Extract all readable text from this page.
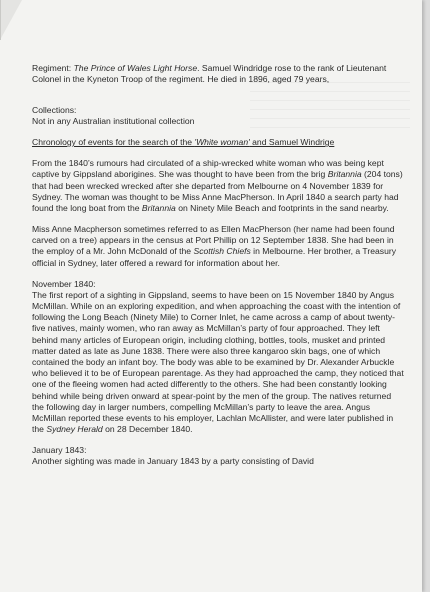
Regiment: The Prince of Wales Light Horse. Samuel Windridge rose to the rank of Lieutenant Colonel in the Kyneton Troop of the regiment. He died in 1896, aged 79 years,

Collections:

Not in any Australian institutional collection

Chronology of events for the search of the 'White woman' and Samuel Windrige

From the 1840’s rumours had circulated of a ship-wrecked white woman who was being kept captive by Gippsland aborigines. She was thought to have been from the brig Britannia (204 tons) that had been wrecked wrecked after she departed from Melbourne on 4 November 1839 for Sydney. The woman was thought to be Miss Anne MacPherson. In April 1840 a search party had found the long boat from the Britannia on Ninety Mile Beach and footprints in the sand nearby.

Miss Anne Macpherson sometimes referred to as Ellen MacPherson (her name had been found carved on a tree) appears in the census at Port Phillip on 12 September 1838. She had been in the employ of a Mr. John McDonald of the Scottish Chiefs in Melbourne. Her brother, a Treasury official in Sydney, later offered a reward for information about her.

November 1840:

The first report of a sighting in Gippsland, seems to have been on 15 November 1840 by Angus McMillan. While on an exploring expedition, and when approaching the coast with the intention of following the Long Beach (Ninety Mile) to Corner Inlet, he came across a camp of about twenty-five natives, mainly women, who ran away as McMillan’s party of four approached. They left behind many articles of European origin, including clothing, bottles, tools, musket and printed matter dated as late as June 1838. There were also three kangaroo skin bags, one of which contained the body an infant boy. The body was able to be examined by Dr. Alexander Arbuckle who believed it to be of European parentage. As they had approached the camp, they noticed that one of the fleeing women had acted differently to the others. She had been constantly looking behind while being driven onward at spear-point by the men of the group. The natives returned the following day in larger numbers, compelling McMillan’s party to leave the area. Angus McMillan reported these events to his employer, Lachlan McAllister, and were later published in the Sydney Herald on 28 December 1840.

January 1843:

Another sighting was made in January 1843 by a party consisting of David
